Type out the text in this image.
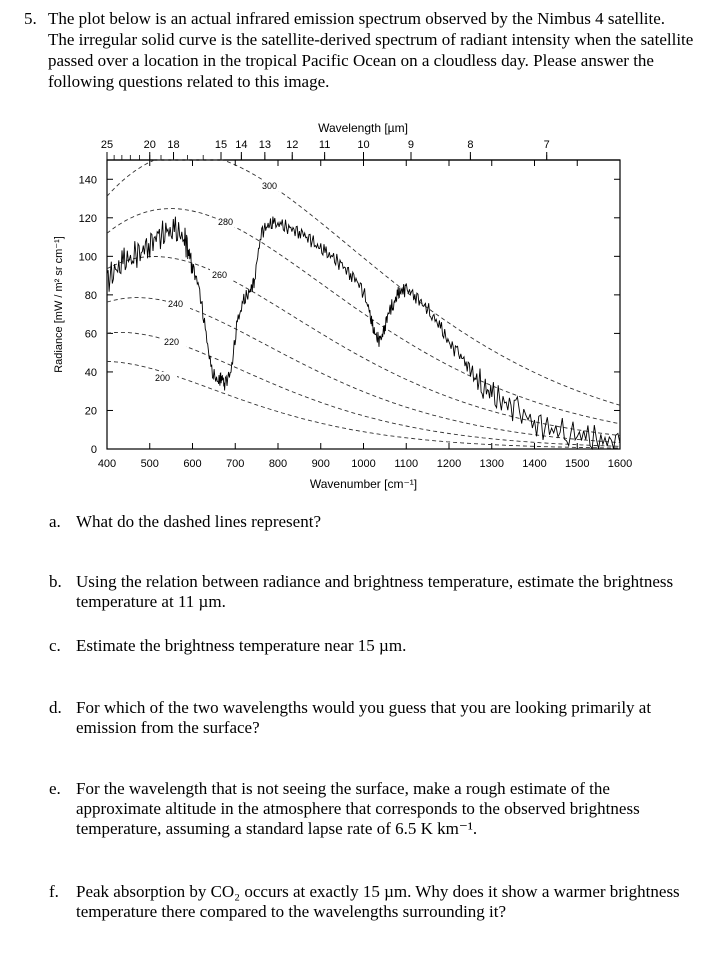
5. The plot below is an actual infrared emission spectrum observed by the Nimbus 4 satellite. The irregular solid curve is the satellite-derived spectrum of radiant intensity when the satellite passed over a location in the tropical Pacific Ocean on a cloudless day. Please answer the following questions related to this image.
400 500 600 700 800 900 1000 1100 1200 1300 1400 1500 1600
0
20
40
60
80
100
120
140
25	20 18	15 14 13 12 11 10	9	8	7
200
220
240
260
280
300
Wavenumber [cm⁻¹]
Wavelength [µm]
Radiance [mW / m² sr cm⁻¹]
a. What do the dashed lines represent?
b. Using the relation between radiance and brightness temperature, estimate the brightness temperature at 11 µm.
c. Estimate the brightness temperature near 15 µm.
d. For which of the two wavelengths would you guess that you are looking primarily at emission from the surface?
e. For the wavelength that is not seeing the surface, make a rough estimate of the approximate altitude in the atmosphere that corresponds to the observed brightness temperature, assuming a standard lapse rate of 6.5 K km⁻¹.
f. Peak absorption by CO₂ occurs at exactly 15 µm. Why does it show a warmer brightness temperature there compared to the wavelengths surrounding it?
